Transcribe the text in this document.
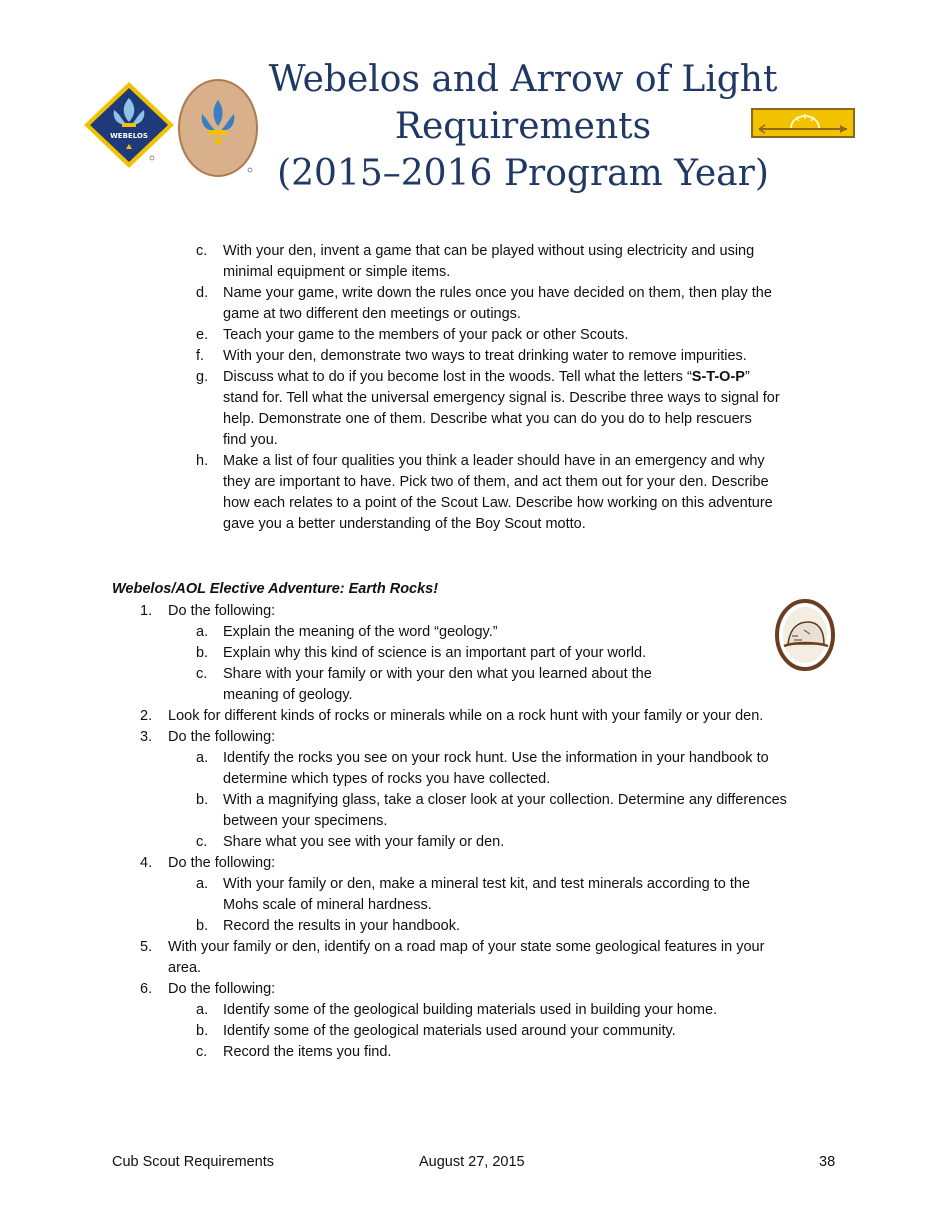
Webelos and Arrow of Light
Requirements
(2015–2016 Program Year)
WEBELOS
c. With your den, invent a game that can be played without using electricity and using
minimal equipment or simple items.
d. Name your game, write down the rules once you have decided on them, then play the
game at two different den meetings or outings.
e. Teach your game to the members of your pack or other Scouts.
f. With your den, demonstrate two ways to treat drinking water to remove impurities.
g. Discuss what to do if you become lost in the woods. Tell what the letters “S-T-O-P”
stand for. Tell what the universal emergency signal is. Describe three ways to signal for
help. Demonstrate one of them. Describe what you can do you do to help rescuers
find you.
h. Make a list of four qualities you think a leader should have in an emergency and why
they are important to have. Pick two of them, and act them out for your den. Describe
how each relates to a point of the Scout Law. Describe how working on this adventure
gave you a better understanding of the Boy Scout motto.
Webelos/AOL Elective Adventure: Earth Rocks!
1. Do the following:
a. Explain the meaning of the word “geology.”
b. Explain why this kind of science is an important part of your world.
c. Share with your family or with your den what you learned about the
meaning of geology.
2. Look for different kinds of rocks or minerals while on a rock hunt with your family or your den.
3. Do the following:
a. Identify the rocks you see on your rock hunt. Use the information in your handbook to
determine which types of rocks you have collected.
b. With a magnifying glass, take a closer look at your collection. Determine any differences
between your specimens.
c. Share what you see with your family or den.
4. Do the following:
a. With your family or den, make a mineral test kit, and test minerals according to the
Mohs scale of mineral hardness.
b. Record the results in your handbook.
5. With your family or den, identify on a road map of your state some geological features in your
area.
6. Do the following:
a. Identify some of the geological building materials used in building your home.
b. Identify some of the geological materials used around your community.
c. Record the items you find.
Cub Scout Requirements	August 27, 2015	38
